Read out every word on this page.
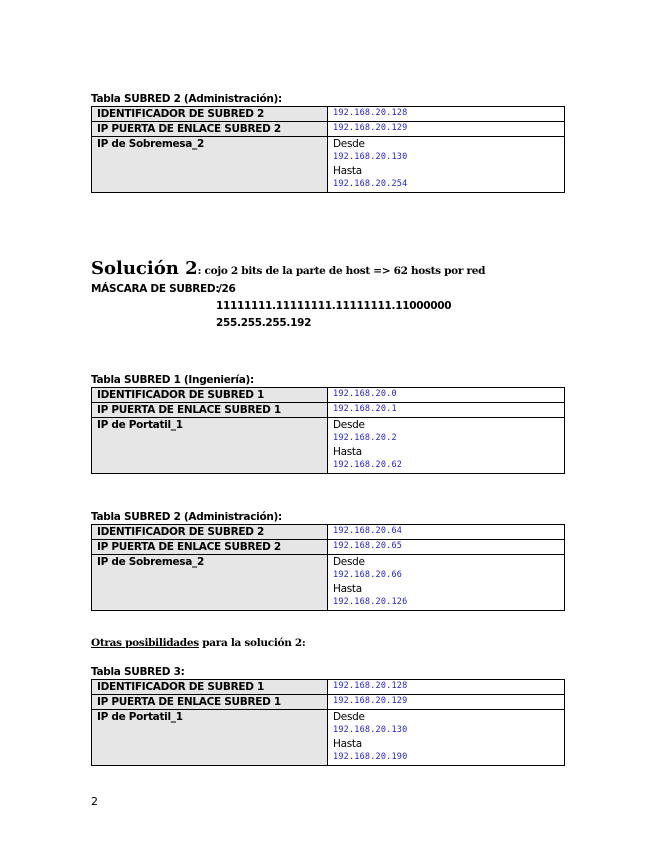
Tabla SUBRED 2 (Administración):
IDENTIFICADOR DE SUBRED 2	192.168.20.128

IP PUERTA DE ENLACE SUBRED 2	192.168.20.129

IP de Sobremesa_2	Desde
192.168.20.130
Hasta
192.168.20.254
Solución 2: cojo 2 bits de la parte de host => 62 hosts por red
MÁSCARA DE SUBRED:
/26
11111111.11111111.11111111.11000000
255.255.255.192
Tabla SUBRED 1 (Ingeniería):
IDENTIFICADOR DE SUBRED 1	192.168.20.0

IP PUERTA DE ENLACE SUBRED 1	192.168.20.1

IP de Portatil_1	Desde
192.168.20.2
Hasta
192.168.20.62
Tabla SUBRED 2 (Administración):
IDENTIFICADOR DE SUBRED 2	192.168.20.64

IP PUERTA DE ENLACE SUBRED 2	192.168.20.65

IP de Sobremesa_2	Desde
192.168.20.66
Hasta
192.168.20.126
Otras posibilidades para la solución 2:
Tabla SUBRED 3:
IDENTIFICADOR DE SUBRED 1	192.168.20.128

IP PUERTA DE ENLACE SUBRED 1	192.168.20.129

IP de Portatil_1	Desde
192.168.20.130
Hasta
192.168.20.190
2
